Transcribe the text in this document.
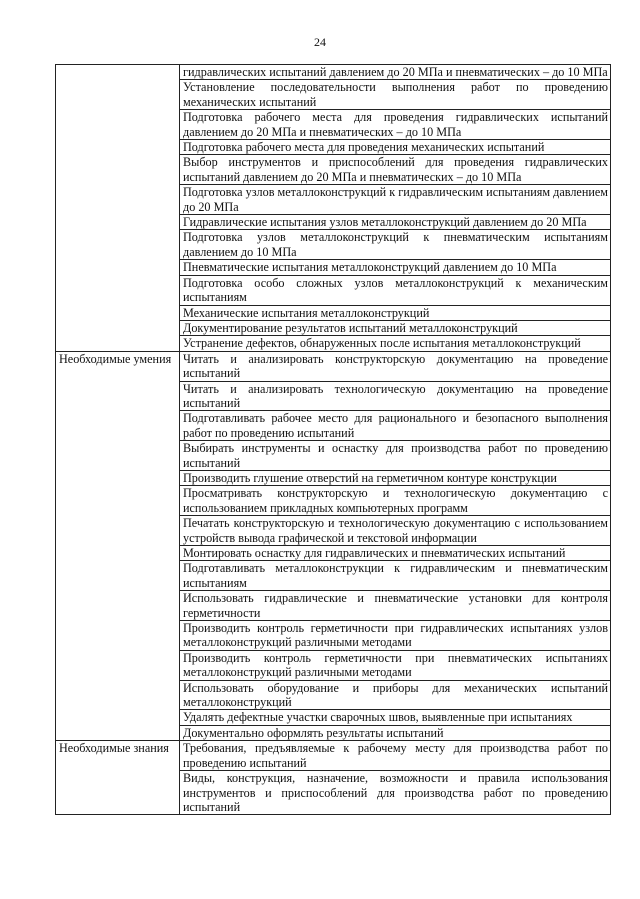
24
	гидравлических испытаний давлением до 20 МПа и пневматических – до 10 МПа
	Установление последовательности выполнения работ по проведению механических испытаний
	Подготовка рабочего места для проведения гидравлических испытаний давлением до 20 МПа и пневматических – до 10 МПа
	Подготовка рабочего места для проведения механических испытаний
	Выбор инструментов и приспособлений для проведения гидравлических испытаний давлением до 20 МПа и пневматических – до 10 МПа
	Подготовка узлов металлоконструкций к гидравлическим испытаниям давлением до 20 МПа
	Гидравлические испытания узлов металлоконструкций давлением до 20 МПа
	Подготовка узлов металлоконструкций к пневматическим испытаниям давлением до 10 МПа
	Пневматические испытания металлоконструкций давлением до 10 МПа
	Подготовка особо сложных узлов металлоконструкций к механическим испытаниям
	Механические испытания металлоконструкций
	Документирование результатов испытаний металлоконструкций
	Устранение дефектов, обнаруженных после испытания металлоконструкций
Необходимые умения	Читать и анализировать конструкторскую документацию на проведение испытаний
	Читать и анализировать технологическую документацию на проведение испытаний
	Подготавливать рабочее место для рационального и безопасного выполнения работ по проведению испытаний
	Выбирать инструменты и оснастку для производства работ по проведению испытаний
	Производить глушение отверстий на герметичном контуре конструкции
	Просматривать конструкторскую и технологическую документацию с использованием прикладных компьютерных программ
	Печатать конструкторскую и технологическую документацию с использованием устройств вывода графической и текстовой информации
	Монтировать оснастку для гидравлических и пневматических испытаний
	Подготавливать металлоконструкции к гидравлическим и пневматическим испытаниям
	Использовать гидравлические и пневматические установки для контроля герметичности
	Производить контроль герметичности при гидравлических испытаниях узлов металлоконструкций различными методами
	Производить контроль герметичности при пневматических испытаниях металлоконструкций различными методами
	Использовать оборудование и приборы для механических испытаний металлоконструкций
	Удалять дефектные участки сварочных швов, выявленные при испытаниях
	Документально оформлять результаты испытаний
Необходимые знания	Требования, предъявляемые к рабочему месту для производства работ по проведению испытаний
	Виды, конструкция, назначение, возможности и правила использования инструментов и приспособлений для производства работ по проведению испытаний
